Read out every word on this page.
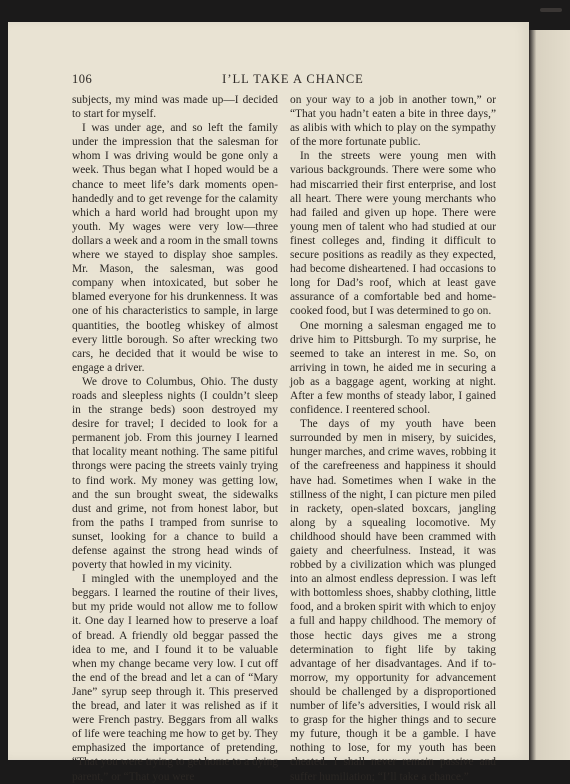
106	I’LL TAKE A CHANCE

subjects, my mind was made up—I decided to start for myself.

I was under age, and so left the family under the impression that the salesman for whom I was driving would be gone only a week. Thus began what I hoped would be a chance to meet life’s dark moments open-handedly and to get revenge for the calamity which a hard world had brought upon my youth. My wages were very low—three dollars a week and a room in the small towns where we stayed to display shoe samples. Mr. Mason, the salesman, was good company when intoxicated, but sober he blamed everyone for his drunkenness. It was one of his characteristics to sample, in large quantities, the bootleg whiskey of almost every little borough. So after wrecking two cars, he decided that it would be wise to engage a driver.

We drove to Columbus, Ohio. The dusty roads and sleepless nights (I couldn’t sleep in the strange beds) soon destroyed my desire for travel; I decided to look for a permanent job. From this journey I learned that locality meant nothing. The same pitiful throngs were pacing the streets vainly trying to find work. My money was getting low, and the sun brought sweat, the sidewalks dust and grime, not from honest labor, but from the paths I tramped from sunrise to sunset, looking for a chance to build a defense against the strong head winds of poverty that howled in my vicinity.

I mingled with the unemployed and the beggars. I learned the routine of their lives, but my pride would not allow me to follow it. One day I learned how to preserve a loaf of bread. A friendly old beggar passed the idea to me, and I found it to be valuable when my change became very low. I cut off the end of the bread and let a can of “Mary Jane” syrup seep through it. This preserved the bread, and later it was relished as if it were French pastry. Beggars from all walks of life were teaching me how to get by. They emphasized the importance of pretending, “That you were trying to get home to a dying parent,” or “That you were

on your way to a job in another town,” or “That you hadn’t eaten a bite in three days,” as alibis with which to play on the sympathy of the more fortunate public.

In the streets were young men with various backgrounds. There were some who had miscarried their first enterprise, and lost all heart. There were young merchants who had failed and given up hope. There were young men of talent who had studied at our finest colleges and, finding it difficult to secure positions as readily as they expected, had become disheartened. I had occasions to long for Dad’s roof, which at least gave assurance of a comfortable bed and home-cooked food, but I was determined to go on.

One morning a salesman engaged me to drive him to Pittsburgh. To my surprise, he seemed to take an interest in me. So, on arriving in town, he aided me in securing a job as a baggage agent, working at night. After a few months of steady labor, I gained confidence. I reentered school.

The days of my youth have been surrounded by men in misery, by suicides, hunger marches, and crime waves, robbing it of the carefreeness and happiness it should have had. Sometimes when I wake in the stillness of the night, I can picture men piled in rackety, open-slated boxcars, jangling along by a squealing locomotive. My childhood should have been crammed with gaiety and cheerfulness. Instead, it was robbed by a civilization which was plunged into an almost endless depression. I was left with bottomless shoes, shabby clothing, little food, and a broken spirit with which to enjoy a full and happy childhood. The memory of those hectic days gives me a strong determination to fight life by taking advantage of her disadvantages. And if to-morrow, my opportunity for advancement should be challenged by a disproportioned number of life’s adversities, I would risk all to grasp for the higher things and to secure my future, though it be a gamble. I have nothing to lose, for my youth has been cheated. I shall never remain passive and suffer humiliation; “I’ll take a chance.”
